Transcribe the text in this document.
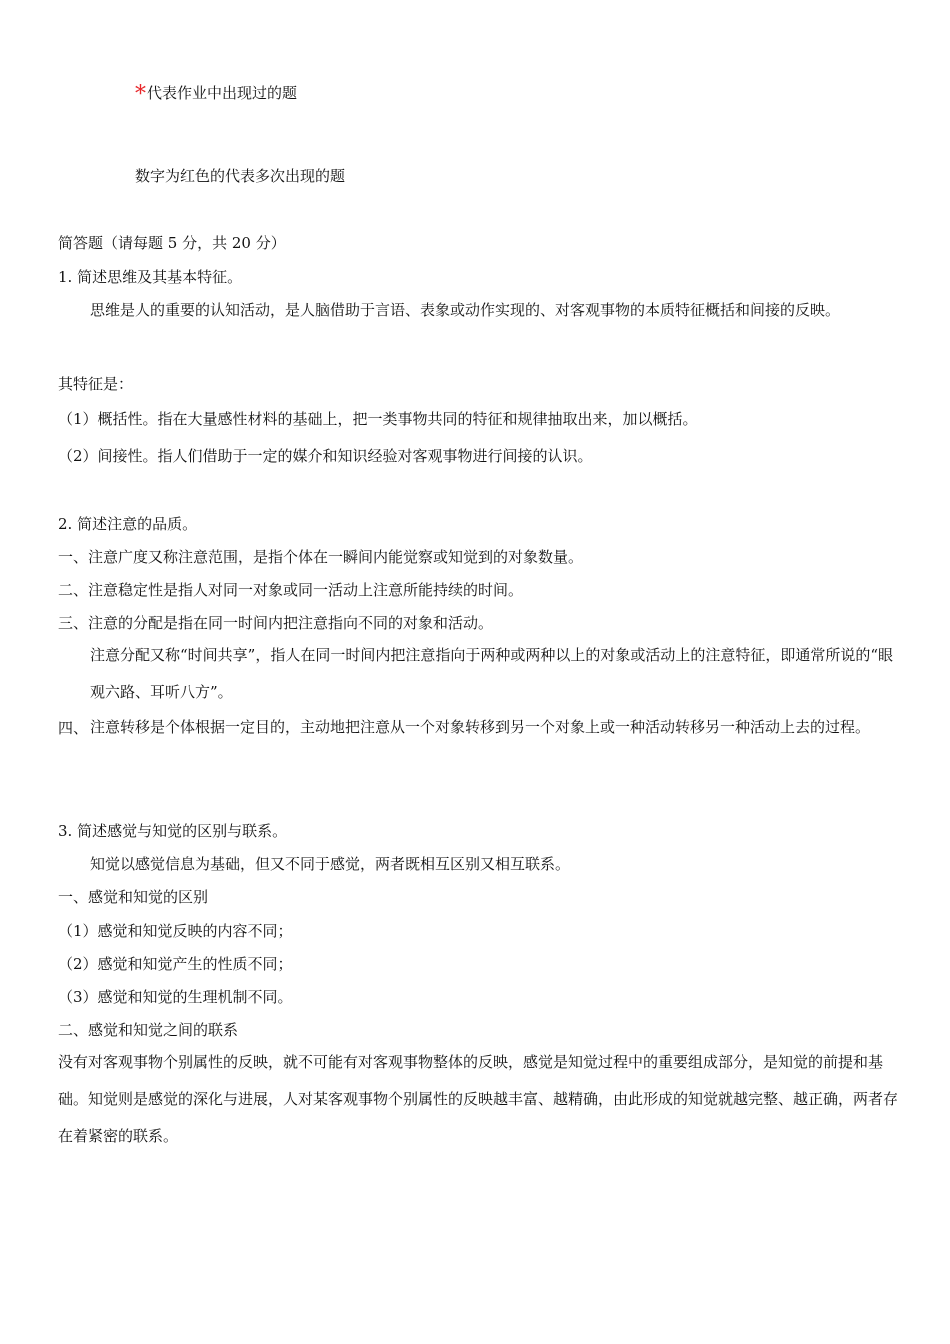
*代表作业中出现过的题
数字为红色的代表多次出现的题
简答题（请每题 5 分，共 20 分）
1. 简述思维及其基本特征。
思维是人的重要的认知活动，是人脑借助于言语、表象或动作实现的、对客观事物的本质特征概括和间接的反映。
其特征是：
（1）概括性。指在大量感性材料的基础上，把一类事物共同的特征和规律抽取出来，加以概括。
（2）间接性。指人们借助于一定的媒介和知识经验对客观事物进行间接的认识。
2. 简述注意的品质。
一、注意广度又称注意范围，是指个体在一瞬间内能觉察或知觉到的对象数量。
二、注意稳定性是指人对同一对象或同一活动上注意所能持续的时间。
三、注意的分配是指在同一时间内把注意指向不同的对象和活动。
注意分配又称“时间共享”，指人在同一时间内把注意指向于两种或两种以上的对象或活动上的注意特征，即通常所说的“眼观六路、耳听八方”。
四、 注意转移是个体根据一定目的，主动地把注意从一个对象转移到另一个对象上或一种活动转移另一种活动上去的过程。
3. 简述感觉与知觉的区别与联系。
知觉以感觉信息为基础，但又不同于感觉，两者既相互区别又相互联系。
一、感觉和知觉的区别
（1）感觉和知觉反映的内容不同；
（2）感觉和知觉产生的性质不同；
（3）感觉和知觉的生理机制不同。
二、感觉和知觉之间的联系
没有对客观事物个别属性的反映，就不可能有对客观事物整体的反映，感觉是知觉过程中的重要组成部分，是知觉的前提和基础。知觉则是感觉的深化与进展，人对某客观事物个别属性的反映越丰富、越精确，由此形成的知觉就越完整、越正确，两者存在着紧密的联系。
